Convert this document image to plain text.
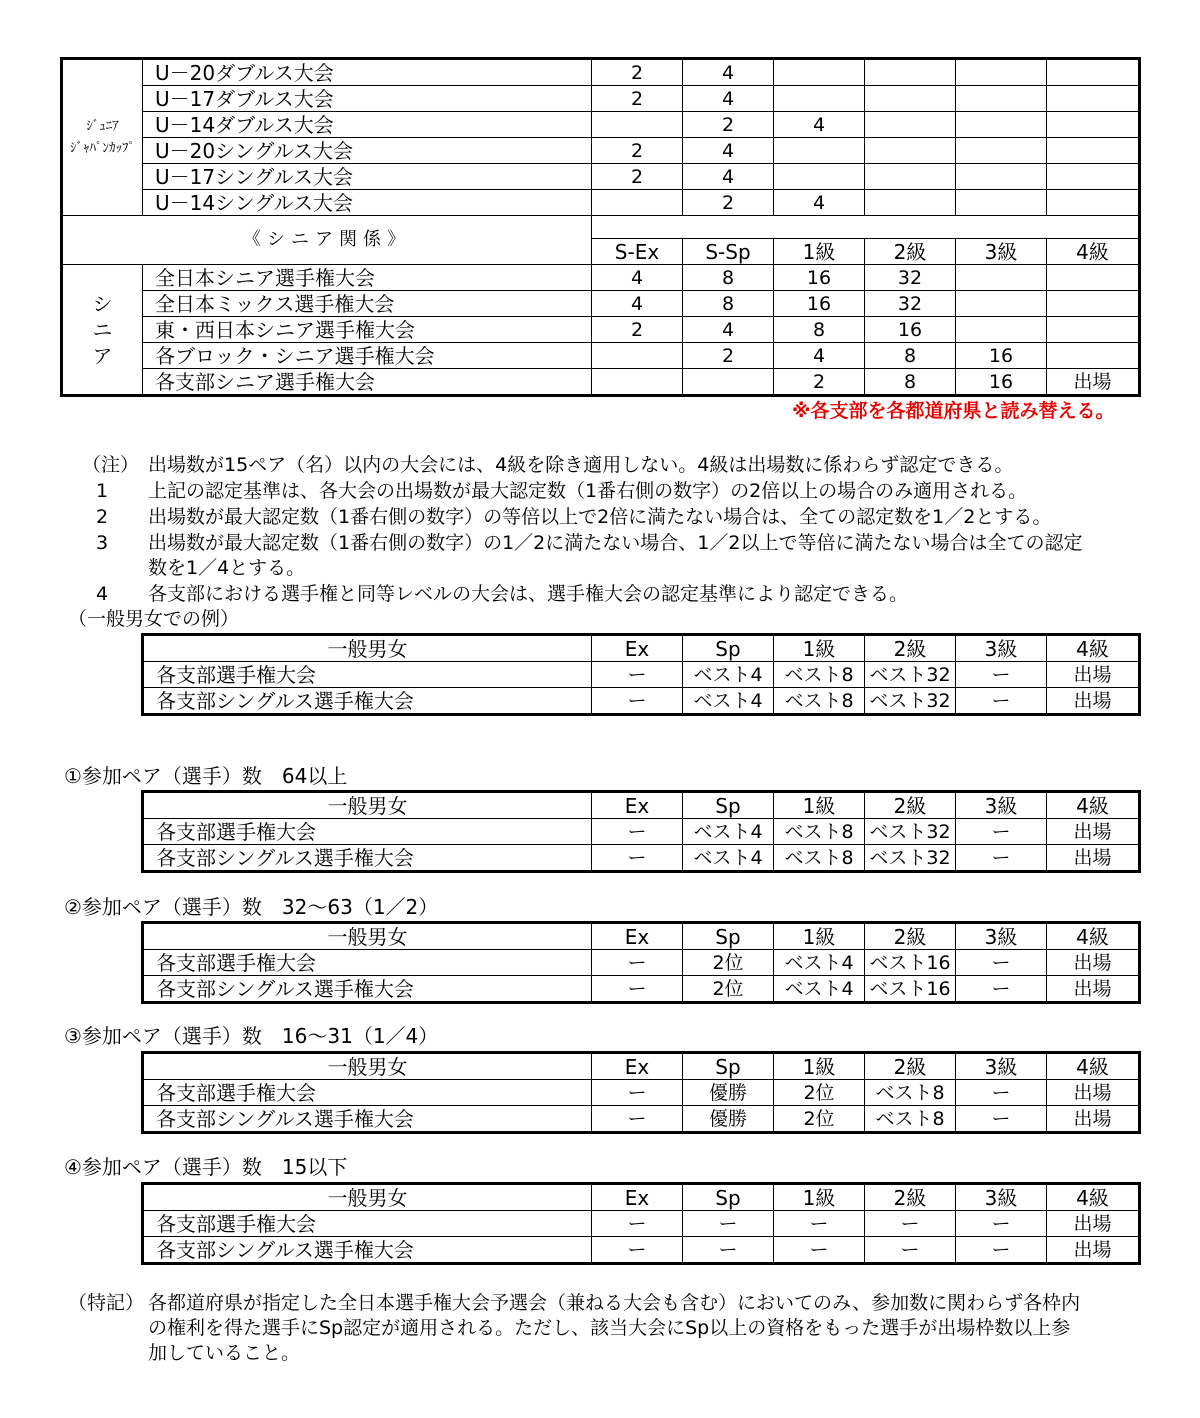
ｼﾞｭﾆｱ
ｼﾞｬﾊﾟﾝｶｯﾌﾟ	U－20ダブルス大会	2	4				
	U－17ダブルス大会	2	4				
	U－14ダブルス大会		2	4			
	U－20シングルス大会	2	4				
	U－17シングルス大会	2	4				
	U－14シングルス大会		2	4			
《シニア関係》							
		S-Ex	S-Sp	1級	2級	3級	4級

シ
ニ
ア	全日本シニア選手権大会	4	8	16	32		
	全日本ミックス選手権大会	4	8	16	32		
	東・西日本シニア選手権大会	2	4	8	16		
	各ブロック・シニア選手権大会		2	4	8	16	
	各支部シニア選手権大会			2	8	16	出場
※各支部を各都道府県と読み替える。
（注） 出場数が15ペア（名）以内の大会には、4級を除き適用しない。4級は出場数に係わらず認定できる。
1 上記の認定基準は、各大会の出場数が最大認定数（1番右側の数字）の2倍以上の場合のみ適用される。
2 出場数が最大認定数（1番右側の数字）の等倍以上で2倍に満たない場合は、全ての認定数を1／2とする。
3 出場数が最大認定数（1番右側の数字）の1／2に満たない場合、1／2以上で等倍に満たない場合は全ての認定
数を1／4とする。
4 各支部における選手権と同等レベルの大会は、選手権大会の認定基準により認定できる。
（一般男女での例）
一般男女	Ex	Sp	1級	2級	3級	4級
各支部選手権大会	ー	ベスト4	ベスト8	ベスト32	ー	出場
各支部シングルス選手権大会	ー	ベスト4	ベスト8	ベスト32	ー	出場
①参加ペア（選手）数　64以上
一般男女	Ex	Sp	1級	2級	3級	4級
各支部選手権大会	ー	ベスト4	ベスト8	ベスト32	ー	出場
各支部シングルス選手権大会	ー	ベスト4	ベスト8	ベスト32	ー	出場
②参加ペア（選手）数　32～63（1／2）
一般男女	Ex	Sp	1級	2級	3級	4級
各支部選手権大会	ー	2位	ベスト4	ベスト16	ー	出場
各支部シングルス選手権大会	ー	2位	ベスト4	ベスト16	ー	出場
③参加ペア（選手）数　16～31（1／4）
一般男女	Ex	Sp	1級	2級	3級	4級
各支部選手権大会	ー	優勝	2位	ベスト8	ー	出場
各支部シングルス選手権大会	ー	優勝	2位	ベスト8	ー	出場
④参加ペア（選手）数　15以下
一般男女	Ex	Sp	1級	2級	3級	4級
各支部選手権大会	ー	ー	ー	ー	ー	出場
各支部シングルス選手権大会	ー	ー	ー	ー	ー	出場
（特記） 各都道府県が指定した全日本選手権大会予選会（兼ねる大会も含む）においてのみ、参加数に関わらず各枠内
の権利を得た選手にSp認定が適用される。ただし、該当大会にSp以上の資格をもった選手が出場枠数以上参
加していること。
